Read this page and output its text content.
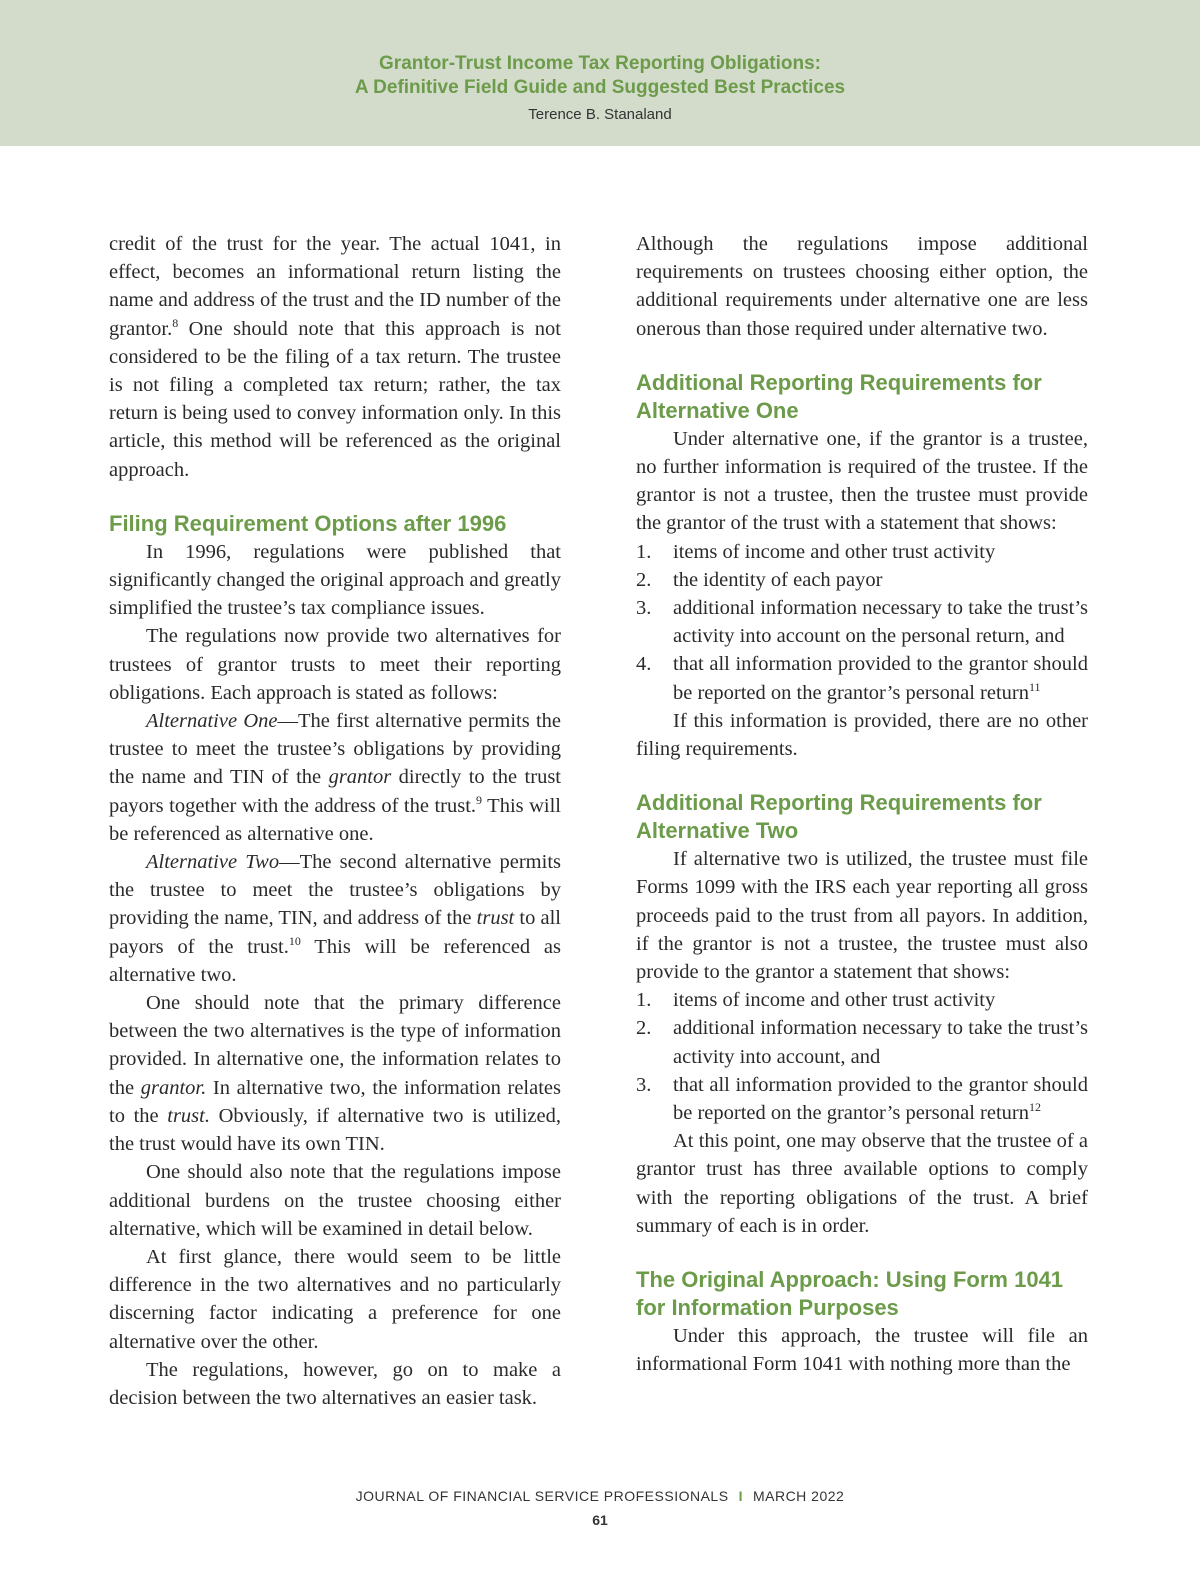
Grantor-Trust Income Tax Reporting Obligations:
A Definitive Field Guide and Suggested Best Practices
Terence B. Stanaland

credit of the trust for the year. The actual 1041, in effect, becomes an informational return listing the name and address of the trust and the ID number of the grantor.$^8$ One should note that this approach is not considered to be the filing of a tax return. The trustee is not filing a completed tax return; rather, the tax return is being used to convey information only. In this article, this method will be referenced as the original approach.

Filing Requirement Options after 1996

In 1996, regulations were published that significantly changed the original approach and greatly simplified the trustee’s tax compliance issues.

The regulations now provide two alternatives for trustees of grantor trusts to meet their reporting obligations. Each approach is stated as follows:

Alternative One—The first alternative permits the trustee to meet the trustee’s obligations by providing the name and TIN of the grantor directly to the trust payors together with the address of the trust.$^9$ This will be referenced as alternative one.

Alternative Two—The second alternative permits the trustee to meet the trustee’s obligations by providing the name, TIN, and address of the trust to all payors of the trust.$^{10}$ This will be referenced as alternative two.

One should note that the primary difference between the two alternatives is the type of information provided. In alternative one, the information relates to the grantor. In alternative two, the information relates to the trust. Obviously, if alternative two is utilized, the trust would have its own TIN.

One should also note that the regulations impose additional burdens on the trustee choosing either alternative, which will be examined in detail below.

At first glance, there would seem to be little difference in the two alternatives and no particularly discerning factor indicating a preference for one alternative over the other.

The regulations, however, go on to make a decision between the two alternatives an easier task.

Although the regulations impose additional requirements on trustees choosing either option, the additional requirements under alternative one are less onerous than those required under alternative two.

Additional Reporting Requirements for Alternative One

Under alternative one, if the grantor is a trustee, no further information is required of the trustee. If the grantor is not a trustee, then the trustee must provide the grantor of the trust with a statement that shows:

1. items of income and other trust activity
2. the identity of each payor
3. additional information necessary to take the trust’s activity into account on the personal return, and
4. that all information provided to the grantor should be reported on the grantor’s personal return$^{11}$

If this information is provided, there are no other filing requirements.

Additional Reporting Requirements for Alternative Two

If alternative two is utilized, the trustee must file Forms 1099 with the IRS each year reporting all gross proceeds paid to the trust from all payors. In addition, if the grantor is not a trustee, the trustee must also provide to the grantor a statement that shows:

1. items of income and other trust activity
2. additional information necessary to take the trust’s activity into account, and
3. that all information provided to the grantor should be reported on the grantor’s personal return$^{12}$

At this point, one may observe that the trustee of a grantor trust has three available options to comply with the reporting obligations of the trust. A brief summary of each is in order.

The Original Approach: Using Form 1041 for Information Purposes

Under this approach, the trustee will file an informational Form 1041 with nothing more than the

JOURNAL OF FINANCIAL SERVICE PROFESSIONALS I MARCH 2022
61
